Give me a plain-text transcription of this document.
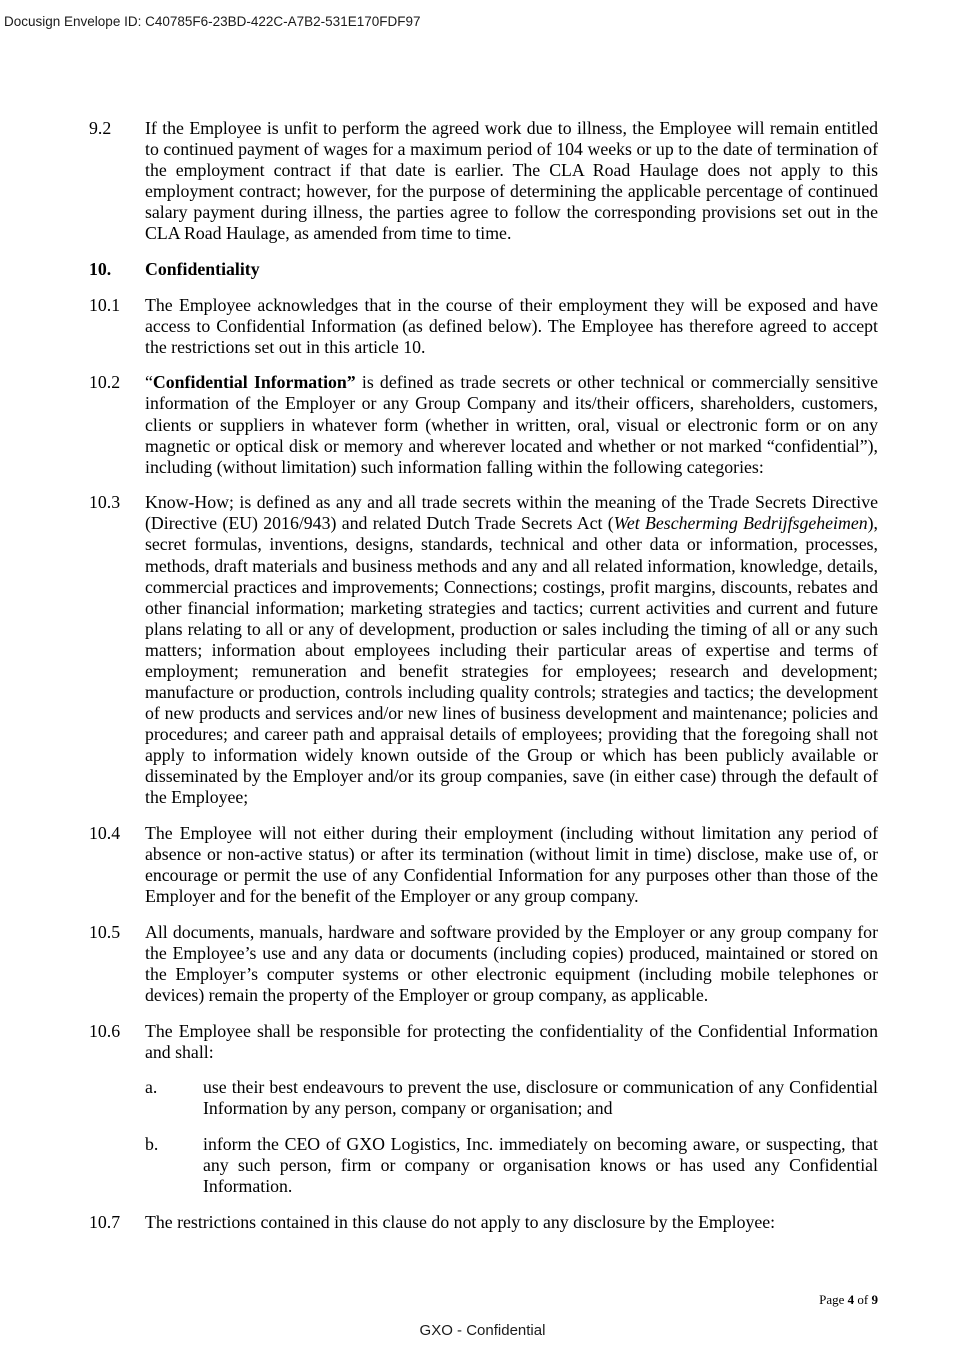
Docusign Envelope ID: C40785F6-23BD-422C-A7B2-531E170FDF97
9.2	If the Employee is unfit to perform the agreed work due to illness, the Employee will remain entitled to continued payment of wages for a maximum period of 104 weeks or up to the date of termination of the employment contract if that date is earlier. The CLA Road Haulage does not apply to this employment contract; however, for the purpose of determining the applicable percentage of continued salary payment during illness, the parties agree to follow the corresponding provisions set out in the CLA Road Haulage, as amended from time to time.

10.	Confidentiality

10.1	The Employee acknowledges that in the course of their employment they will be exposed and have access to Confidential Information (as defined below). The Employee has therefore agreed to accept the restrictions set out in this article 10.

10.2	“Confidential Information” is defined as trade secrets or other technical or commercially sensitive information of the Employer or any Group Company and its/their officers, shareholders, customers, clients or suppliers in whatever form (whether in written, oral, visual or electronic form or on any magnetic or optical disk or memory and wherever located and whether or not marked “confidential”), including (without limitation) such information falling within the following categories:

10.3	Know-How; is defined as any and all trade secrets within the meaning of the Trade Secrets Directive (Directive (EU) 2016/943) and related Dutch Trade Secrets Act (Wet Bescherming Bedrijfsgeheimen), secret formulas, inventions, designs, standards, technical and other data or information, processes, methods, draft materials and business methods and any and all related information, knowledge, details, commercial practices and improvements; Connections; costings, profit margins, discounts, rebates and other financial information; marketing strategies and tactics; current activities and current and future plans relating to all or any of development, production or sales including the timing of all or any such matters; information about employees including their particular areas of expertise and terms of employment; remuneration and benefit strategies for employees; research and development; manufacture or production, controls including quality controls; strategies and tactics; the development of new products and services and/or new lines of business development and maintenance; policies and procedures; and career path and appraisal details of employees; providing that the foregoing shall not apply to information widely known outside of the Group or which has been publicly available or disseminated by the Employer and/or its group companies, save (in either case) through the default of the Employee;

10.4	The Employee will not either during their employment (including without limitation any period of absence or non-active status) or after its termination (without limit in time) disclose, make use of, or encourage or permit the use of any Confidential Information for any purposes other than those of the Employer and for the benefit of the Employer or any group company.

10.5	All documents, manuals, hardware and software provided by the Employer or any group company for the Employee’s use and any data or documents (including copies) produced, maintained or stored on the Employer’s computer systems or other electronic equipment (including mobile telephones or devices) remain the property of the Employer or group company, as applicable.

10.6	The Employee shall be responsible for protecting the confidentiality of the Confidential Information and shall:

a.	use their best endeavours to prevent the use, disclosure or communication of any Confidential Information by any person, company or organisation; and

b.	inform the CEO of GXO Logistics, Inc. immediately on becoming aware, or suspecting, that any such person, firm or company or organisation knows or has used any Confidential Information.

10.7	The restrictions contained in this clause do not apply to any disclosure by the Employee:

Page 4 of 9
GXO - Confidential
